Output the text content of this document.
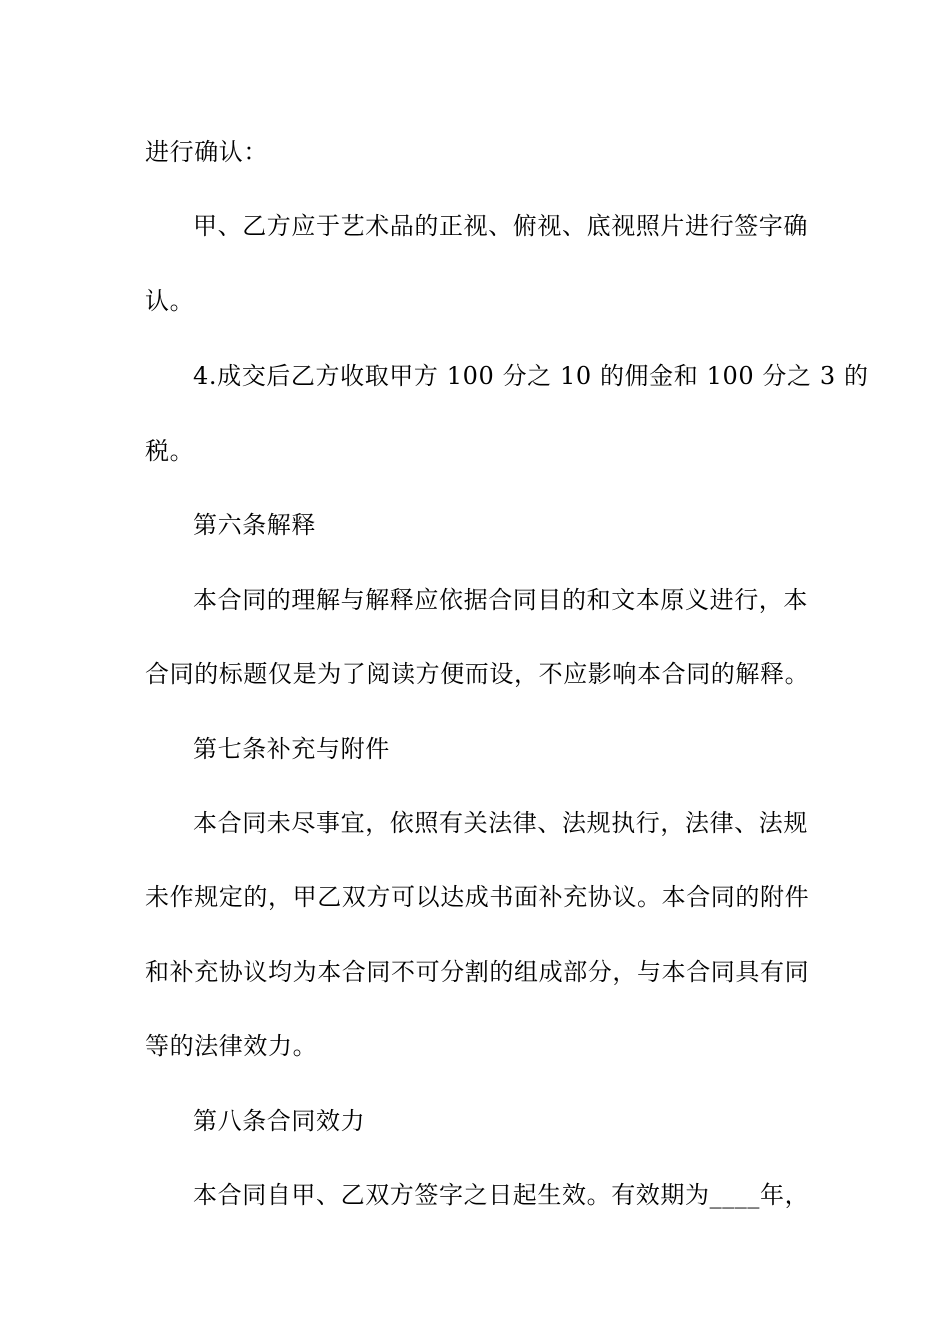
进行确认：
甲、乙方应于艺术品的正视、俯视、底视照片进行签字确
认。
4.成交后乙方收取甲方 100 分之 10 的佣金和 100 分之 3 的
税。
第六条解释
本合同的理解与解释应依据合同目的和文本原义进行，本
合同的标题仅是为了阅读方便而设，不应影响本合同的解释。
第七条补充与附件
本合同未尽事宜，依照有关法律、法规执行，法律、法规
未作规定的，甲乙双方可以达成书面补充协议。本合同的附件
和补充协议均为本合同不可分割的组成部分，与本合同具有同
等的法律效力。
第八条合同效力
本合同自甲、乙双方签字之日起生效。有效期为____年，
